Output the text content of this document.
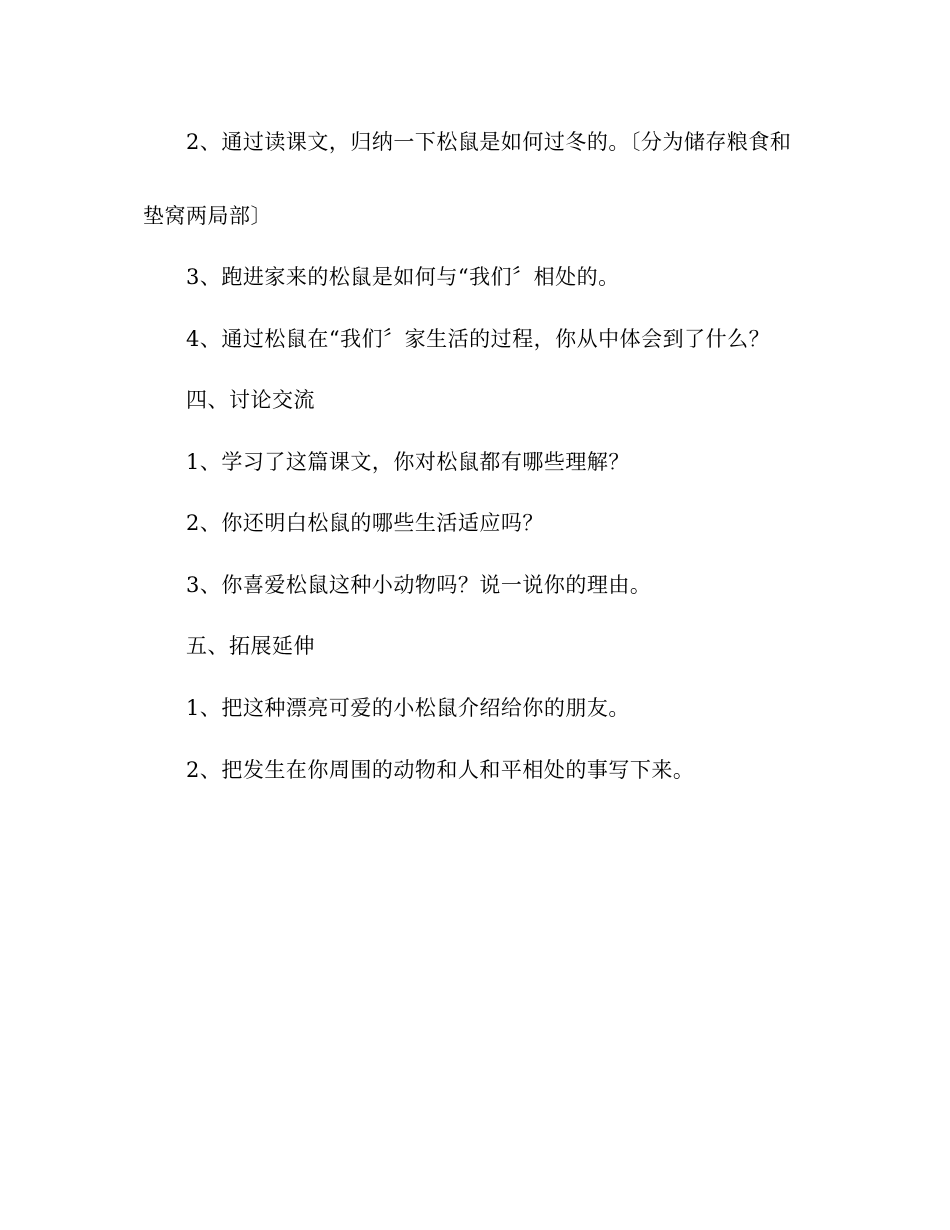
2、通过读课文，归纳一下松鼠是如何过冬的。〔分为储存粮食和
垫窝两局部〕
3、跑进家来的松鼠是如何与“我们〞相处的。
4、通过松鼠在“我们〞家生活的过程，你从中体会到了什么？
四、讨论交流
1、学习了这篇课文，你对松鼠都有哪些理解？
2、你还明白松鼠的哪些生活适应吗？
3、你喜爱松鼠这种小动物吗？说一说你的理由。
五、拓展延伸
1、把这种漂亮可爱的小松鼠介绍给你的朋友。
2、把发生在你周围的动物和人和平相处的事写下来。
